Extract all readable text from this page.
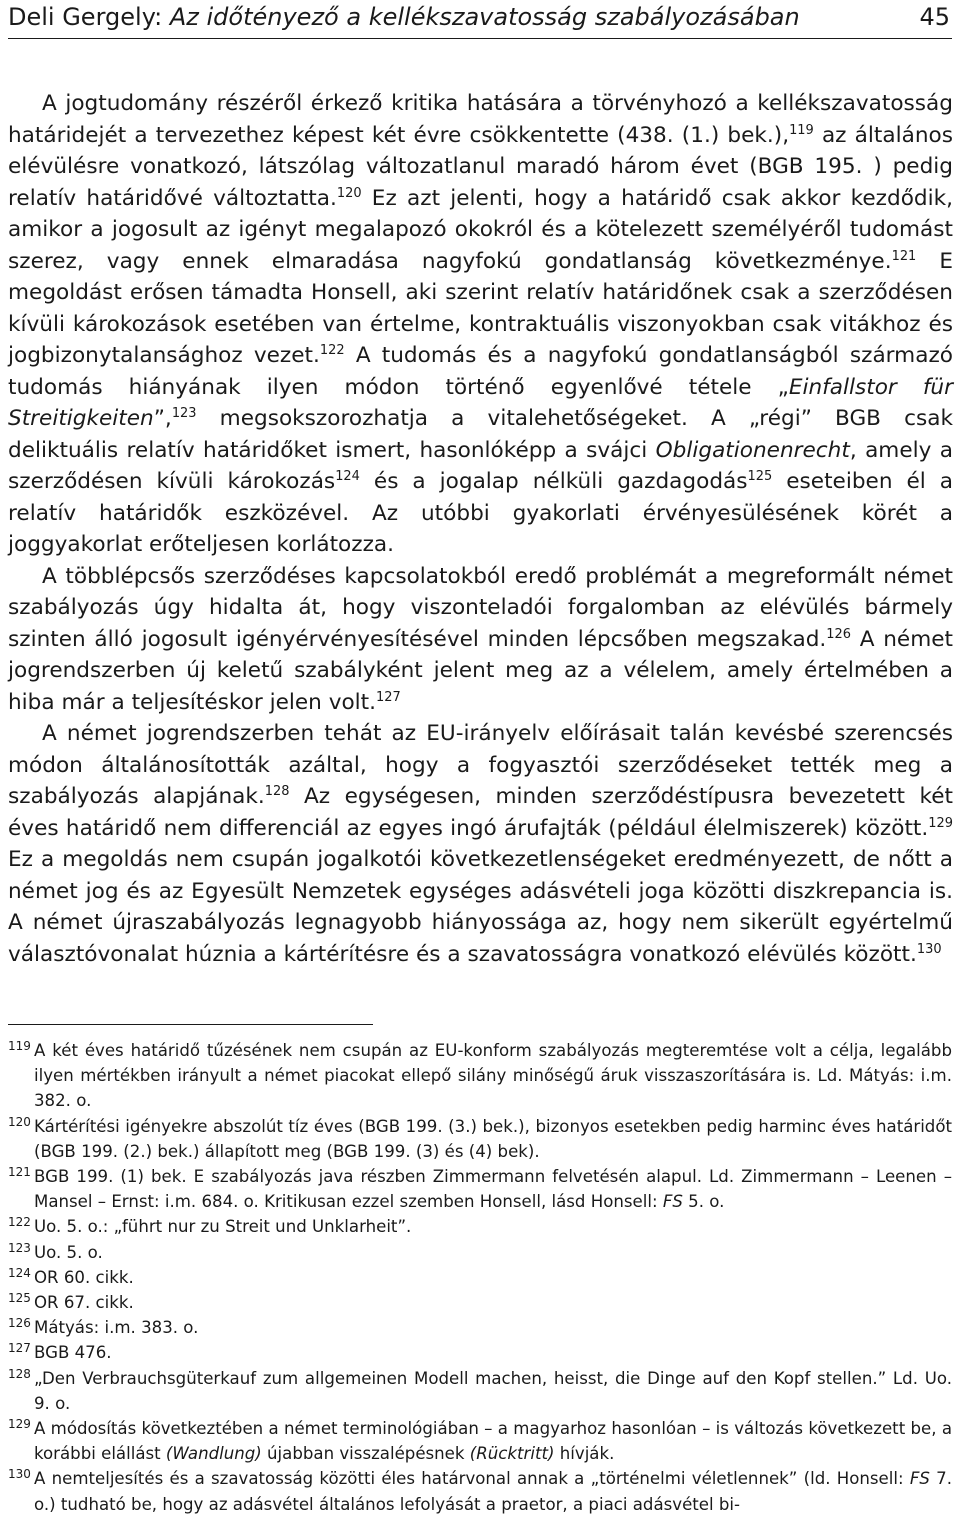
Deli Gergely: Az időtényező a kellékszavatosság szabályozásában	45

A jogtudomány részéről érkező kritika hatására a törvényhozó a kellékszavatosság határidejét a tervezethez képest két évre csökkentette (438. (1.) bek.),$^{119}$ az általános elévülésre vonatkozó, látszólag változatlanul maradó három évet (BGB 195. ) pedig relatív határidővé változtatta.$^{120}$ Ez azt jelenti, hogy a határidő csak akkor kezdődik, amikor a jogosult az igényt megalapozó okokról és a kötelezett személyéről tudomást szerez, vagy ennek elmaradása nagyfokú gondatlanság következménye.$^{121}$ E megoldást erősen támadta Honsell, aki szerint relatív határidőnek csak a szerződésen kívüli károkozások esetében van értelme, kontraktuális viszonyokban csak vitákhoz és jogbizonytalansághoz vezet.$^{122}$ A tudomás és a nagyfokú gondatlanságból származó tudomás hiányának ilyen módon történő egyenlővé tétele „Einfallstor für Streitigkeiten”,$^{123}$ megsokszorozhatja a vitalehetőségeket. A „régi” BGB csak deliktuális relatív határidőket ismert, hasonlóképp a svájci Obligationenrecht, amely a szerződésen kívüli károkozás$^{124}$ és a jogalap nélküli gazdagodás$^{125}$ eseteiben él a relatív határidők eszközével. Az utóbbi gyakorlati érvényesülésének körét a joggyakorlat erőteljesen korlátozza.

A többlépcsős szerződéses kapcsolatokból eredő problémát a megreformált német szabályozás úgy hidalta át, hogy viszonteladói forgalomban az elévülés bármely szinten álló jogosult igényérvényesítésével minden lépcsőben megszakad.$^{126}$ A német jogrendszerben új keletű szabályként jelent meg az a vélelem, amely értelmében a hiba már a teljesítéskor jelen volt.$^{127}$

A német jogrendszerben tehát az EU-irányelv előírásait talán kevésbé szerencsés módon általánosították azáltal, hogy a fogyasztói szerződéseket tették meg a szabályozás alapjának.$^{128}$ Az egységesen, minden szerződéstípusra bevezetett két éves határidő nem differenciál az egyes ingó árufajták (például élelmiszerek) között.$^{129}$ Ez a megoldás nem csupán jogalkotói következetlenségeket eredményezett, de nőtt a német jog és az Egyesült Nemzetek egységes adásvételi joga közötti diszkrepancia is. A német újraszabályozás legnagyobb hiányossága az, hogy nem sikerült egyértelmű választóvonalat húznia a kártérítésre és a szavatosságra vonatkozó elévülés között.$^{130}$

119 A két éves határidő tűzésének nem csupán az EU-konform szabályozás megteremtése volt a célja, legalább ilyen mértékben irányult a német piacokat ellepő silány minőségű áruk visszaszorítására is. Ld. Mátyás: i.m. 382. o.
120 Kártérítési igényekre abszolút tíz éves (BGB 199. (3.) bek.), bizonyos esetekben pedig harminc éves határidőt (BGB 199. (2.) bek.) állapított meg (BGB 199. (3) és (4) bek).
121 BGB 199. (1) bek. E szabályozás java részben Zimmermann felvetésén alapul. Ld. Zimmermann – Leenen – Mansel – Ernst: i.m. 684. o. Kritikusan ezzel szemben Honsell, lásd Honsell: FS 5. o.
122 Uo. 5. o.: „führt nur zu Streit und Unklarheit”.
123 Uo. 5. o.
124 OR 60. cikk.
125 OR 67. cikk.
126 Mátyás: i.m. 383. o.
127 BGB 476.
128 „Den Verbrauchsgüterkauf zum allgemeinen Modell machen, heisst, die Dinge auf den Kopf stellen.” Ld. Uo. 9. o.
129 A módosítás következtében a német terminológiában – a magyarhoz hasonlóan – is változás következett be, a korábbi elállást (Wandlung) újabban visszalépésnek (Rücktritt) hívják.
130 A nemteljesítés és a szavatosság közötti éles határvonal annak a „történelmi véletlennek” (ld. Honsell: FS 7. o.) tudható be, hogy az adásvétel általános lefolyását a praetor, a piaci adásvétel bi-
